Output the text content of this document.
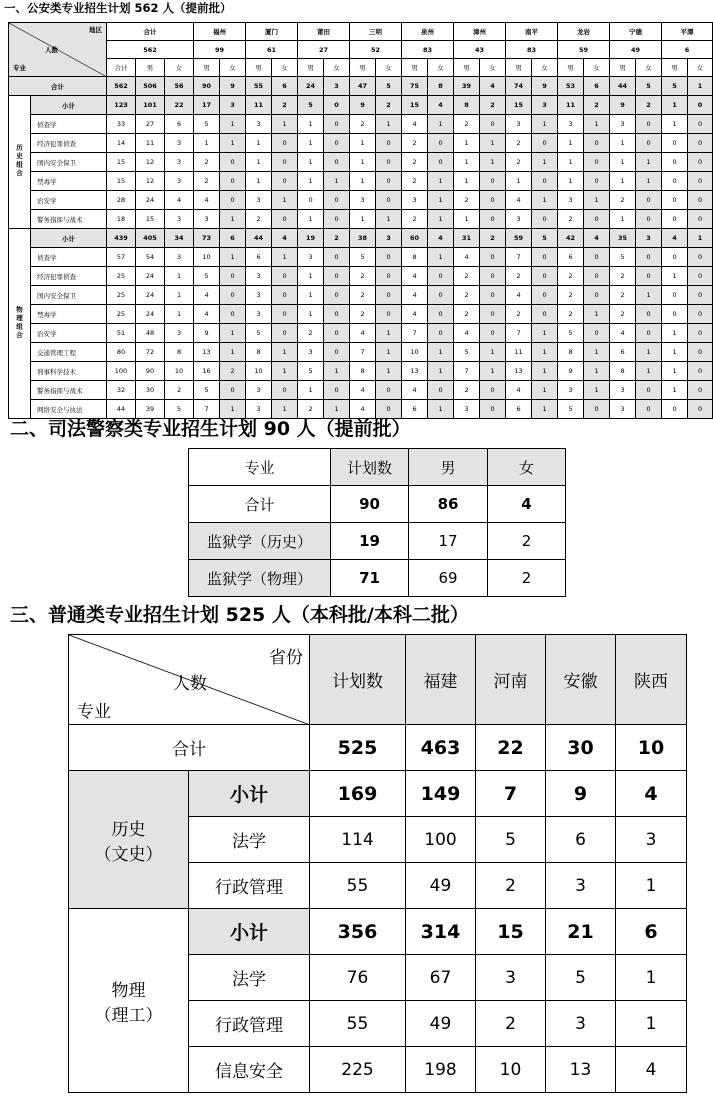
一、公安类专业招生计划 562 人（提前批）
地区
人数
专业		合计			福州		厦门		莆田		三明		泉州		漳州		南平		龙岩		宁德		平潭	
		562			99		61		27		52		83		43		83		59		49		6	
		合计	男	女	男	女	男	女	男	女	男	女	男	女	男	女	男	女	男	女	男	女	男	女
合计		562	506	56	90	9	55	6	24	3	47	5	75	8	39	4	74	9	53	6	44	5	5	1
历史组合	小计	123	101	22	17	3	11	2	5	0	9	2	15	4	8	2	15	3	11	2	9	2	1	0
	侦查学	33	27	6	5	1	3	1	1	0	2	1	4	1	2	0	3	1	3	1	3	0	1	0
	经济犯罪侦查	14	11	3	1	1	1	0	1	0	1	0	2	0	1	1	2	0	1	0	1	0	0	0
	国内安全保卫	15	12	3	2	0	1	0	1	0	1	0	2	0	1	1	2	1	1	0	1	1	0	0
	禁毒学	15	12	3	2	0	1	0	1	1	1	0	2	1	1	0	1	0	1	0	1	1	0	0
	治安学	28	24	4	4	0	3	1	0	0	3	0	3	1	2	0	4	1	3	1	2	0	0	0
	警务指挥与战术	18	15	3	3	1	2	0	1	0	1	1	2	1	1	0	3	0	2	0	1	0	0	0
物理组合	小计	439	405	34	73	6	44	4	19	2	38	3	60	4	31	2	59	5	42	4	35	3	4	1
	侦查学	57	54	3	10	1	6	1	3	0	5	0	8	1	4	0	7	0	6	0	5	0	0	0
	经济犯罪侦查	25	24	1	5	0	3	0	1	0	2	0	4	0	2	0	2	0	2	0	2	0	1	0
	国内安全保卫	25	24	1	4	0	3	0	1	0	2	0	4	0	2	0	4	0	2	0	2	1	0	0
	禁毒学	25	24	1	4	0	3	0	1	0	2	0	4	0	2	0	2	0	2	1	2	0	0	0
	治安学	51	48	3	9	1	5	0	2	0	4	1	7	0	4	0	7	1	5	0	4	0	1	0
	交通管理工程	80	72	8	13	1	8	1	3	0	7	1	10	1	5	1	11	1	8	1	6	1	1	0
	刑事科学技术	100	90	10	16	2	10	1	5	1	8	1	13	1	7	1	13	1	9	1	8	1	1	0
	警务指挥与战术	32	30	2	5	0	3	0	1	0	4	0	4	0	2	0	4	1	3	1	3	0	1	0
	网络安全与执法	44	39	5	7	1	3	1	2	1	4	0	6	1	3	0	6	1	5	0	3	0	0	0
二、司法警察类专业招生计划 90 人（提前批）
专业	计划数	男	女
合计	90	86	4
监狱学（历史）	19	17	2
监狱学（物理）	71	69	2
三、普通类专业招生计划 525 人（本科批/本科二批）
省份
人数
专业		计划数	福建	河南	安徽	陕西
合计		525	463	22	30	10

历史
（文史）	小计	169	149	7	9	4
	法学	114	100	5	6	3
	行政管理	55	49	2	3	1

物理
（理工）	小计	356	314	15	21	6
	法学	76	67	3	5	1
	行政管理	55	49	2	3	1
	信息安全	225	198	10	13	4
